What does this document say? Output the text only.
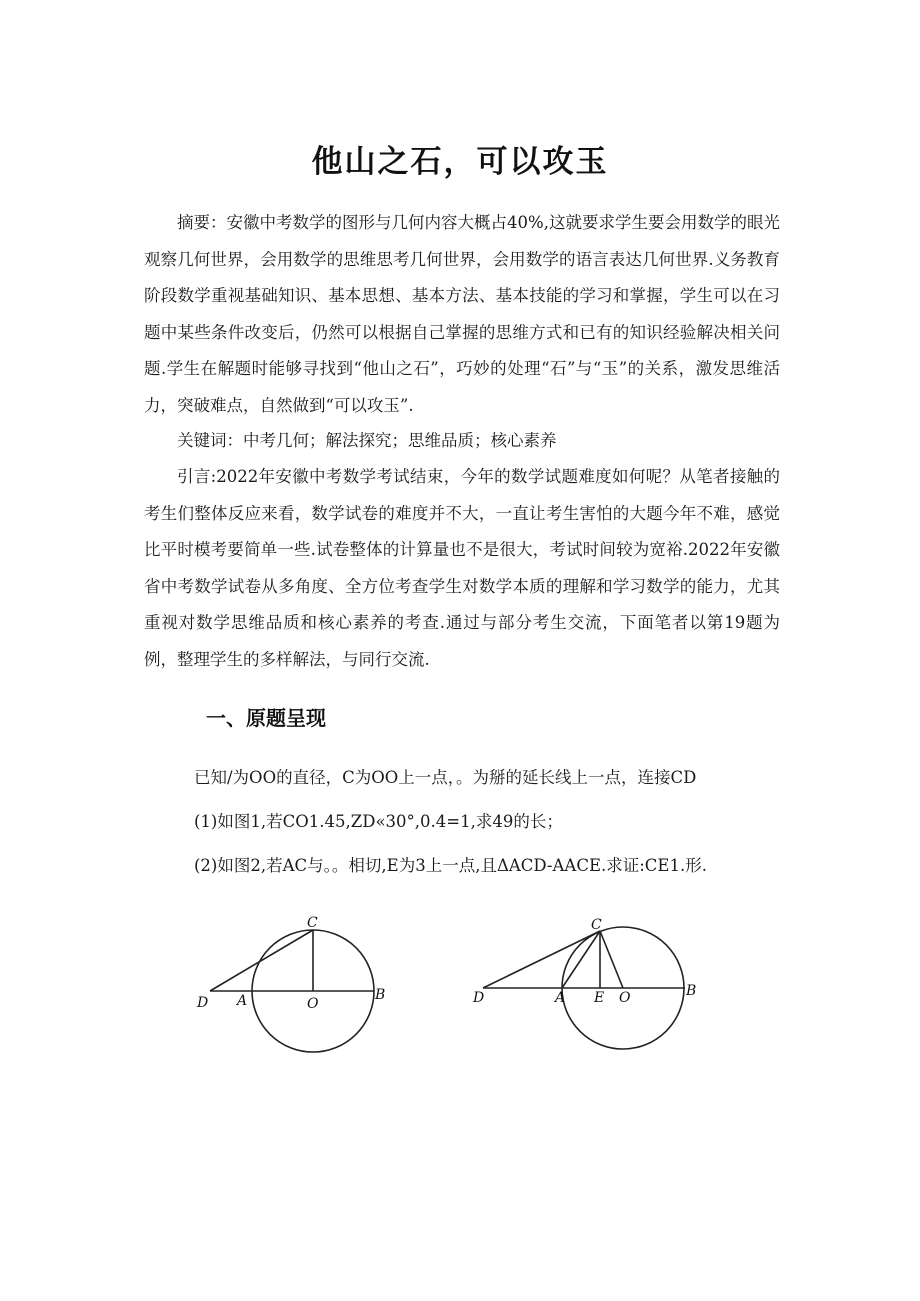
他山之石，可以攻玉

摘要：安徽中考数学的图形与几何内容大概占40%,这就要求学生要会用数学的眼光观察几何世界，会用数学的思维思考几何世界，会用数学的语言表达几何世界.义务教育阶段数学重视基础知识、基本思想、基本方法、基本技能的学习和掌握，学生可以在习题中某些条件改变后，仍然可以根据自己掌握的思维方式和已有的知识经验解决相关问题.学生在解题时能够寻找到“他山之石”，巧妙的处理“石”与“玉”的关系，激发思维活力，突破难点，自然做到“可以攻玉”.

关键词：中考几何；解法探究；思维品质；核心素养

引言:2022年安徽中考数学考试结束，今年的数学试题难度如何呢？从笔者接触的考生们整体反应来看，数学试卷的难度并不大，一直让考生害怕的大题今年不难，感觉比平时模考要简单一些.试卷整体的计算量也不是很大，考试时间较为宽裕.2022年安徽省中考数学试卷从多角度、全方位考查学生对数学本质的理解和学习数学的能力，尤其重视对数学思维品质和核心素养的考查.通过与部分考生交流，下面笔者以第19题为例，整理学生的多样解法，与同行交流.

一、原题呈现
已知/为OO的直径，C为OO上一点，。为掰的延长线上一点，连接CD
(1)如图1,若CO1.45,ZD«30°,0.4=1,求49的长；
(2)如图2,若AC与。。相切,E为3上一点,且ΔACD-AACE.求证:CE1.形.
C
D A	O
B
C
D	A E O	B
